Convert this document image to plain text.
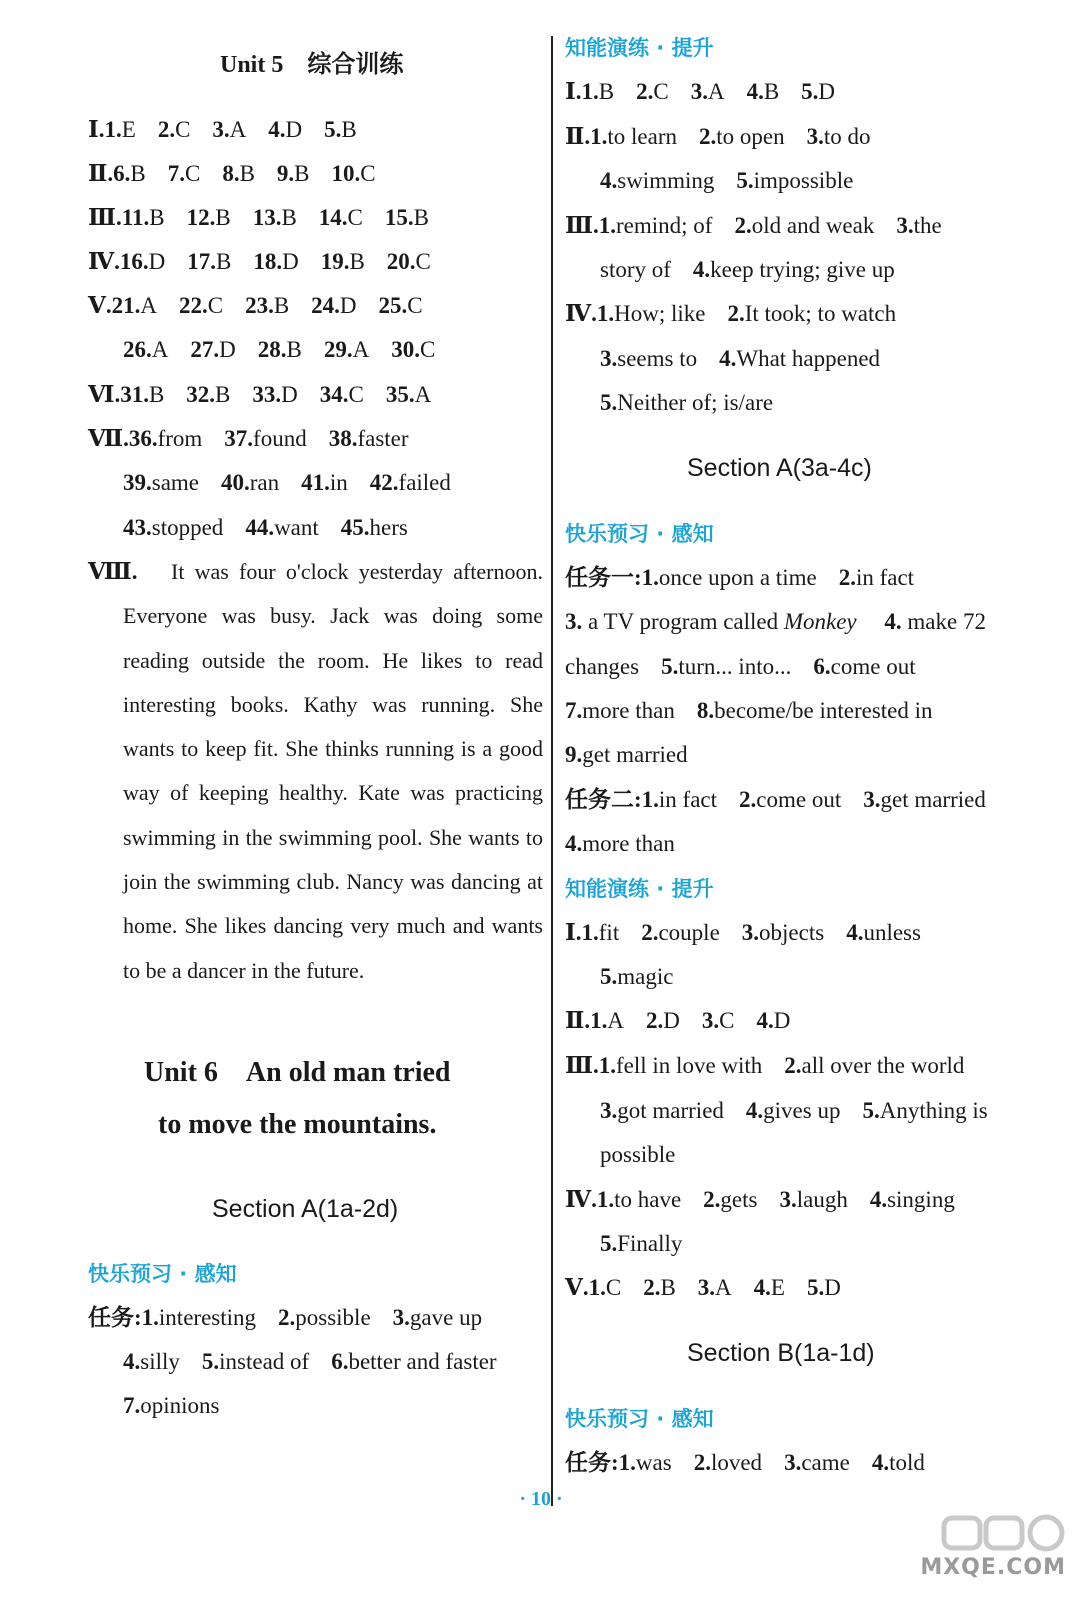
Unit 5　综合训练
Ⅰ.1.E 2.C 3.A 4.D 5.B
Ⅱ.6.B 7.C 8.B 9.B 10.C
Ⅲ.11.B 12.B 13.B 14.C 15.B
Ⅳ.16.D 17.B 18.D 19.B 20.C
Ⅴ.21.A 22.C 23.B 24.D 25.C
26.A 27.D 28.B 29.A 30.C
Ⅵ.31.B 32.B 33.D 34.C 35.A
Ⅶ.36.from 37.found 38.faster
39.same 40.ran 41.in 42.failed
43.stopped 44.want 45.hers
Ⅷ.	It was four o'clock yesterday afternoon. Everyone was busy. Jack was doing some reading outside the room. He likes to read interesting books. Kathy was running. She wants to keep fit. She thinks running is a good way of keeping healthy. Kate was practicing swimming in the swimming pool. She wants to join the swimming club. Nancy was dancing at home. She likes dancing very much and wants to be a dancer in the future.
Unit 6　An old man tried
to move the mountains.
Section A(1a-2d)
快乐预习 · 感知
任务:1.interesting 2.possible 3.gave up
4.silly 5.instead of 6.better and faster
7.opinions
知能演练 · 提升
Ⅰ.1.B 2.C 3.A 4.B 5.D
Ⅱ.1.to learn 2.to open 3.to do
4.swimming 5.impossible
Ⅲ.1.remind; of 2.old and weak 3.the
story of 4.keep trying; give up
Ⅳ.1.How; like 2.It took; to watch
3.seems to 4.What happened
5.Neither of; is/are
Section A(3a-4c)
快乐预习 · 感知
任务一:1.once upon a time 2.in fact
3. a TV program called Monkey 4. make 72
changes 5.turn... into... 6.come out
7.more than 8.become/be interested in
9.get married
任务二:1.in fact 2.come out 3.get married
4.more than
知能演练 · 提升
Ⅰ.1.fit 2.couple 3.objects 4.unless
5.magic
Ⅱ.1.A 2.D 3.C 4.D
Ⅲ.1.fell in love with 2.all over the world
3.got married 4.gives up 5.Anything is
possible
Ⅳ.1.to have 2.gets 3.laugh 4.singing
5.Finally
Ⅴ.1.C 2.B 3.A 4.E 5.D
Section B(1a-1d)
快乐预习 · 感知
任务:1.was 2.loved 3.came 4.told
· 10 ·
MXQE.COM
